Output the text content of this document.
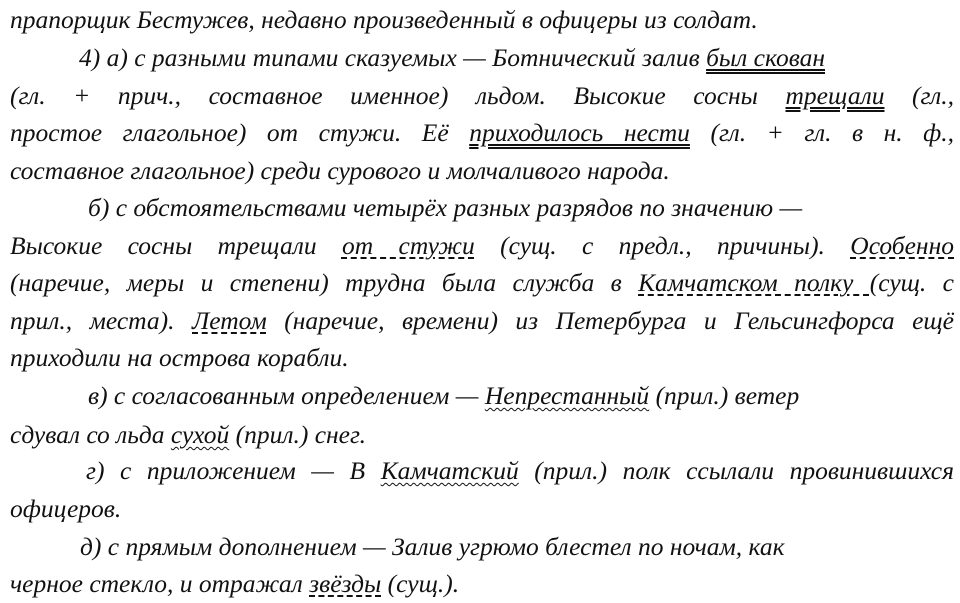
прапорщик Бестужев, недавно произведенный в офицеры из солдат.
4) а) с разными типами сказуемых — Ботнический залив был скован
(гл. + прич., составное именное) льдом. Высокие сосны трещали (гл.,
простое глагольное) от стужи. Её приходилось нести (гл. + гл. в н. ф.,
составное глагольное) среди сурового и молчаливого народа.
б) с обстоятельствами четырёх разных разрядов по значению —
Высокие сосны трещали от стужи (сущ. с предл., причины). Особенно
(наречие, меры и степени) трудна была служба в Камчатском полку (сущ. с
прил., места). Летом (наречие, времени) из Петербурга и Гельсингфорса ещё
приходили на острова корабли.
в) с согласованным определением — Непрестанный (прил.) ветер
сдувал со льда сухой (прил.) снег.
г) с приложением — В Камчатский (прил.) полк ссылали провинившихся
офицеров.
д) с прямым дополнением — Залив угрюмо блестел по ночам, как
черное стекло, и отражал звёзды (сущ.).
